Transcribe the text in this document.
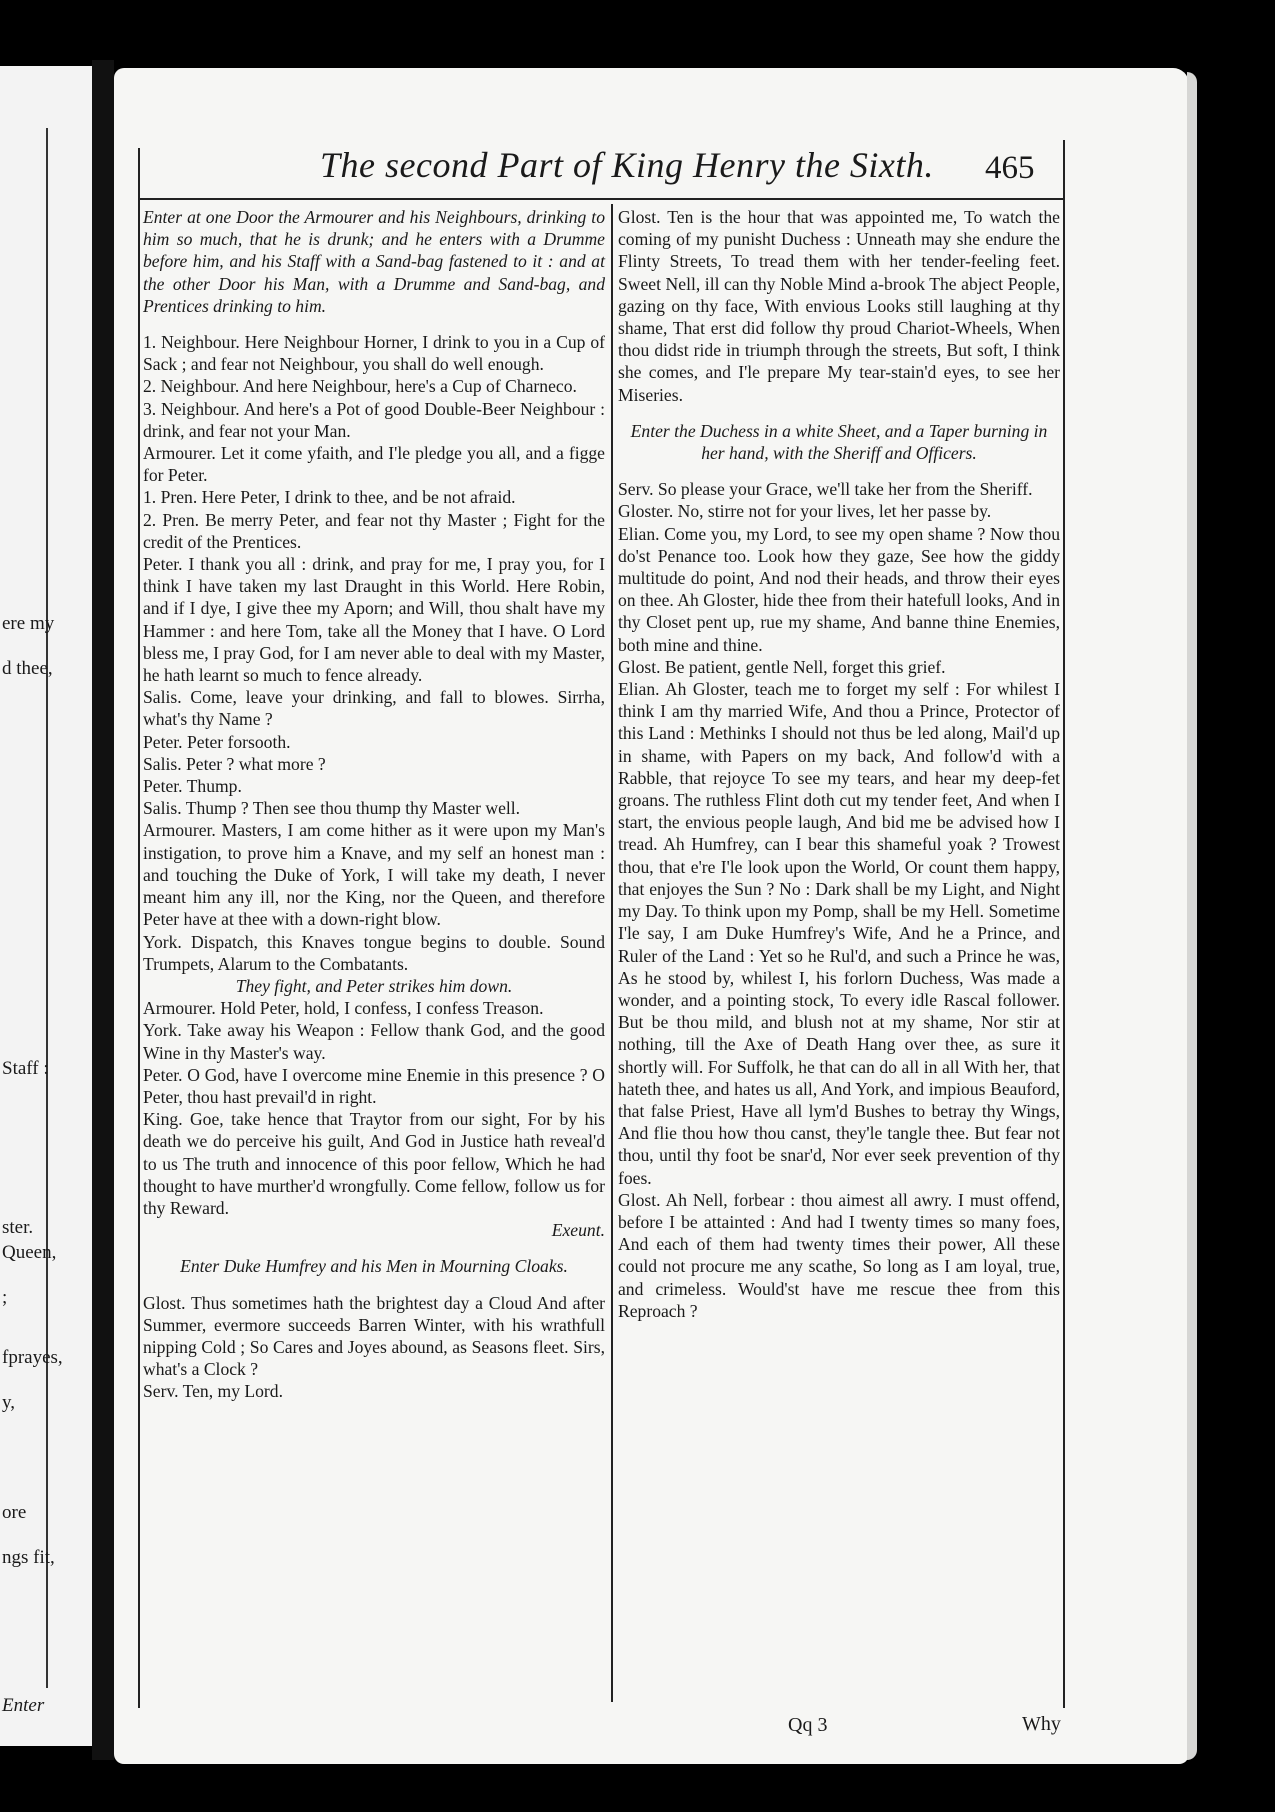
ere my
d thee,
Staff :
ster.
Queen,
;
fprayes,
y,
ore
ngs fit,
Enter
The second Part of King Henry the Sixth. 465

Enter at one Door the Armourer and his Neighbours, drinking to him so much, that he is drunk; and he enters with a Drumme before him, and his Staff with a Sand-bag fastened to it : and at the other Door his Man, with a Drumme and Sand-bag, and Prentices drinking to him.

1. Neighbour. Here Neighbour Horner, I drink to you in a Cup of Sack ; and fear not Neighbour, you shall do well enough.

2. Neighbour. And here Neighbour, here's a Cup of Charneco.

3. Neighbour. And here's a Pot of good Double-Beer Neighbour : drink, and fear not your Man.

Armourer. Let it come yfaith, and I'le pledge you all, and a figge for Peter.

1. Pren. Here Peter, I drink to thee, and be not afraid.

2. Pren. Be merry Peter, and fear not thy Master ; Fight for the credit of the Prentices.

Peter. I thank you all : drink, and pray for me, I pray you, for I think I have taken my last Draught in this World. Here Robin, and if I dye, I give thee my Aporn; and Will, thou shalt have my Hammer : and here Tom, take all the Money that I have. O Lord bless me, I pray God, for I am never able to deal with my Master, he hath learnt so much to fence already.

Salis. Come, leave your drinking, and fall to blowes. Sirrha, what's thy Name ?

Peter. Peter forsooth.

Salis. Peter ? what more ?

Peter. Thump.

Salis. Thump ? Then see thou thump thy Master well.

Armourer. Masters, I am come hither as it were upon my Man's instigation, to prove him a Knave, and my self an honest man : and touching the Duke of York, I will take my death, I never meant him any ill, nor the King, nor the Queen, and therefore Peter have at thee with a down-right blow.

York. Dispatch, this Knaves tongue begins to double. Sound Trumpets, Alarum to the Combatants.

They fight, and Peter strikes him down.

Armourer. Hold Peter, hold, I confess, I confess Treason.

York. Take away his Weapon : Fellow thank God, and the good Wine in thy Master's way.

Peter. O God, have I overcome mine Enemie in this presence ? O Peter, thou hast prevail'd in right.

King. Goe, take hence that Traytor from our sight, For by his death we do perceive his guilt, And God in Justice hath reveal'd to us The truth and innocence of this poor fellow, Which he had thought to have murther'd wrongfully. Come fellow, follow us for thy Reward.

Exeunt.

Enter Duke Humfrey and his Men in Mourning Cloaks.

Glost. Thus sometimes hath the brightest day a Cloud And after Summer, evermore succeeds Barren Winter, with his wrathfull nipping Cold ; So Cares and Joyes abound, as Seasons fleet. Sirs, what's a Clock ?

Serv. Ten, my Lord.

Glost. Ten is the hour that was appointed me, To watch the coming of my punisht Duchess : Unneath may she endure the Flinty Streets, To tread them with her tender-feeling feet. Sweet Nell, ill can thy Noble Mind a-brook The abject People, gazing on thy face, With envious Looks still laughing at thy shame, That erst did follow thy proud Chariot-Wheels, When thou didst ride in triumph through the streets, But soft, I think she comes, and I'le prepare My tear-stain'd eyes, to see her Miseries.

Enter the Duchess in a white Sheet, and a Taper burning in her hand, with the Sheriff and Officers.

Serv. So please your Grace, we'll take her from the Sheriff.

Gloster. No, stirre not for your lives, let her passe by.

Elian. Come you, my Lord, to see my open shame ? Now thou do'st Penance too. Look how they gaze, See how the giddy multitude do point, And nod their heads, and throw their eyes on thee. Ah Gloster, hide thee from their hatefull looks, And in thy Closet pent up, rue my shame, And banne thine Enemies, both mine and thine.

Glost. Be patient, gentle Nell, forget this grief.

Elian. Ah Gloster, teach me to forget my self : For whilest I think I am thy married Wife, And thou a Prince, Protector of this Land : Methinks I should not thus be led along, Mail'd up in shame, with Papers on my back, And follow'd with a Rabble, that rejoyce To see my tears, and hear my deep-fet groans. The ruthless Flint doth cut my tender feet, And when I start, the envious people laugh, And bid me be advised how I tread. Ah Humfrey, can I bear this shameful yoak ? Trowest thou, that e're I'le look upon the World, Or count them happy, that enjoyes the Sun ? No : Dark shall be my Light, and Night my Day. To think upon my Pomp, shall be my Hell. Sometime I'le say, I am Duke Humfrey's Wife, And he a Prince, and Ruler of the Land : Yet so he Rul'd, and such a Prince he was, As he stood by, whilest I, his forlorn Duchess, Was made a wonder, and a pointing stock, To every idle Rascal follower. But be thou mild, and blush not at my shame, Nor stir at nothing, till the Axe of Death Hang over thee, as sure it shortly will. For Suffolk, he that can do all in all With her, that hateth thee, and hates us all, And York, and impious Beauford, that false Priest, Have all lym'd Bushes to betray thy Wings, And flie thou how thou canst, they'le tangle thee. But fear not thou, until thy foot be snar'd, Nor ever seek prevention of thy foes.

Glost. Ah Nell, forbear : thou aimest all awry. I must offend, before I be attainted : And had I twenty times so many foes, And each of them had twenty times their power, All these could not procure me any scathe, So long as I am loyal, true, and crimeless. Would'st have me rescue thee from this Reproach ?

Qq 3	Why
